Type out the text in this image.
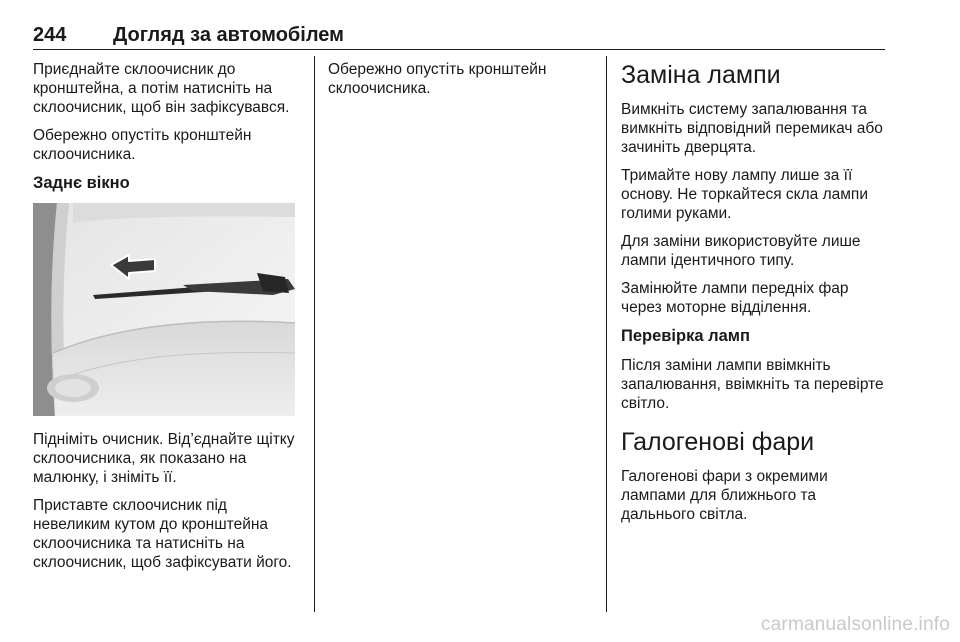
244 Догляд за автомобілем

Приєднайте склоочисник до кронштейна, а потім натисніть на склоочисник, щоб він зафіксувався.

Обережно опустіть кронштейн склоочисника.

Заднє вікно

Підніміть очисник. Від’єднайте щітку склоочисника, як показано на малюнку, і зніміть її.

Приставте склоочисник під невеликим кутом до кронштейна склоочисника та натисніть на склоочисник, щоб зафіксувати його.

Обережно опустіть кронштейн склоочисника.	Заміна лампи

Вимкніть систему запалювання та вимкніть відповідний перемикач або зачиніть дверцята.

Тримайте нову лампу лише за її основу. Не торкайтеся скла лампи голими руками.

Для заміни використовуйте лише лампи ідентичного типу.

Замінюйте лампи передніх фар через моторне відділення.

Перевірка ламп

Після заміни лампи ввімкніть запалювання, ввімкніть та перевірте світло.

Галогенові фари

Галогенові фари з окремими лампами для ближнього та дальнього світла.

carmanualsonline.info
